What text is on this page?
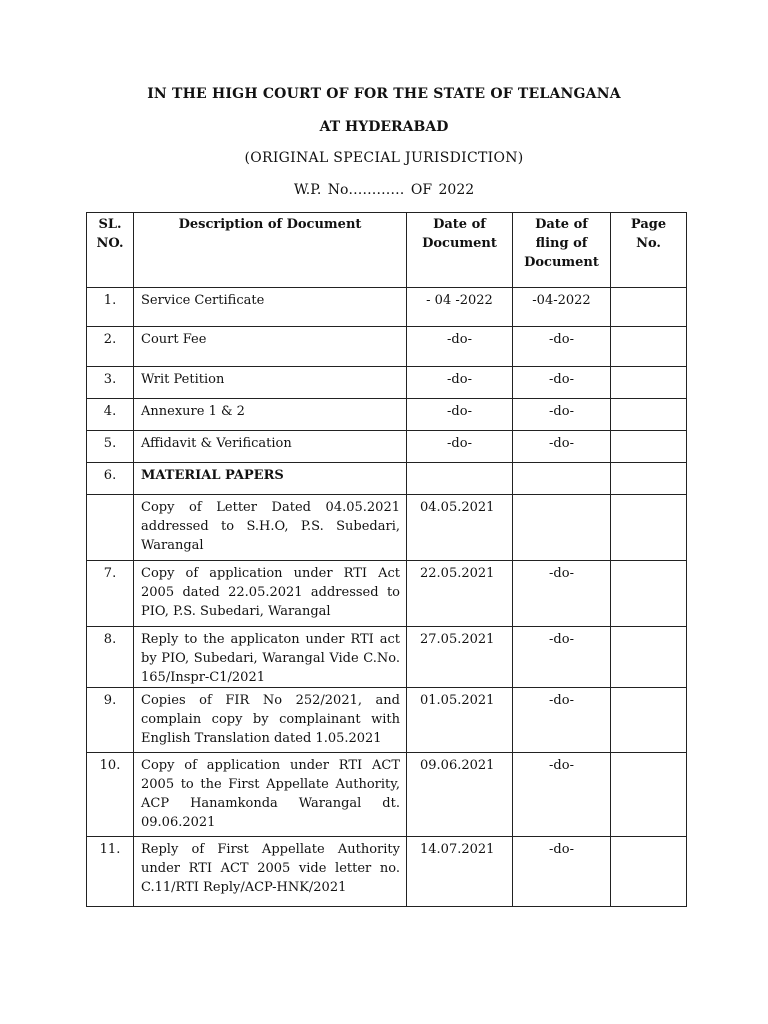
IN THE HIGH COURT OF FOR THE STATE OF TELANGANA
AT HYDERABAD
(ORIGINAL SPECIAL JURISDICTION)
W.P. No………… OF 2022
SL. NO.	Description of Document	Date of Document	Date of fling of Document	Page No.
1.	Service Certificate	- 04 -2022	-04-2022	
2.	Court Fee	-do-	-do-	
3.	Writ Petition	-do-	-do-	
4.	Annexure 1 & 2	-do-	-do-	
5.	Affidavit & Verification	-do-	-do-	
6.	MATERIAL PAPERS			
	Copy of Letter Dated 04.05.2021 addressed to S.H.O, P.S. Subedari, Warangal	04.05.2021		
7.	Copy of application under RTI Act 2005 dated 22.05.2021 addressed to PIO, P.S. Subedari, Warangal	22.05.2021	-do-	
8.	Reply to the applicaton under RTI act by PIO, Subedari, Warangal Vide C.No. 165/Inspr-C1/2021	27.05.2021	-do-	
9.	Copies of FIR No 252/2021, and complain copy by complainant with English Translation dated 1.05.2021	01.05.2021	-do-	
10.	Copy of application under RTI ACT 2005 to the First Appellate Authority, ACP Hanamkonda Warangal dt. 09.06.2021	09.06.2021	-do-	
11.	Reply of First Appellate Authority under RTI ACT 2005 vide letter no. C.11/RTI Reply/ACP-HNK/2021	14.07.2021	-do-	
